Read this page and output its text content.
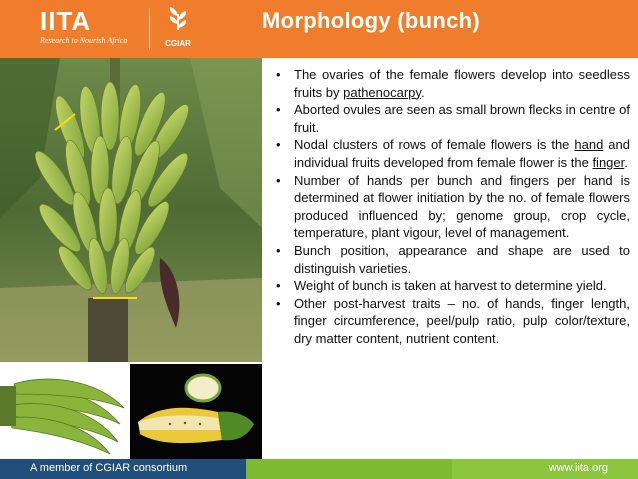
IITA
Research to Nourish Africa	CGIAR
Morphology (bunch)
• The ovaries of the female flowers develop into seedless fruits by pathenocarpy.
• Aborted ovules are seen as small brown flecks in centre of fruit.
• Nodal clusters of rows of female flowers is the hand and individual fruits developed from female flower is the finger.
• Number of hands per bunch and fingers per hand is determined at flower initiation by the no. of female flowers produced influenced by; genome group, crop cycle, temperature, plant vigour, level of management.
• Bunch position, appearance and shape are used to distinguish varieties.
• Weight of bunch is taken at harvest to determine yield.
• Other post-harvest traits – no. of hands, finger length, finger circumference, peel/pulp ratio, pulp color/texture, dry matter content, nutrient content.
A member of CGIAR consortium	www.iita.org
